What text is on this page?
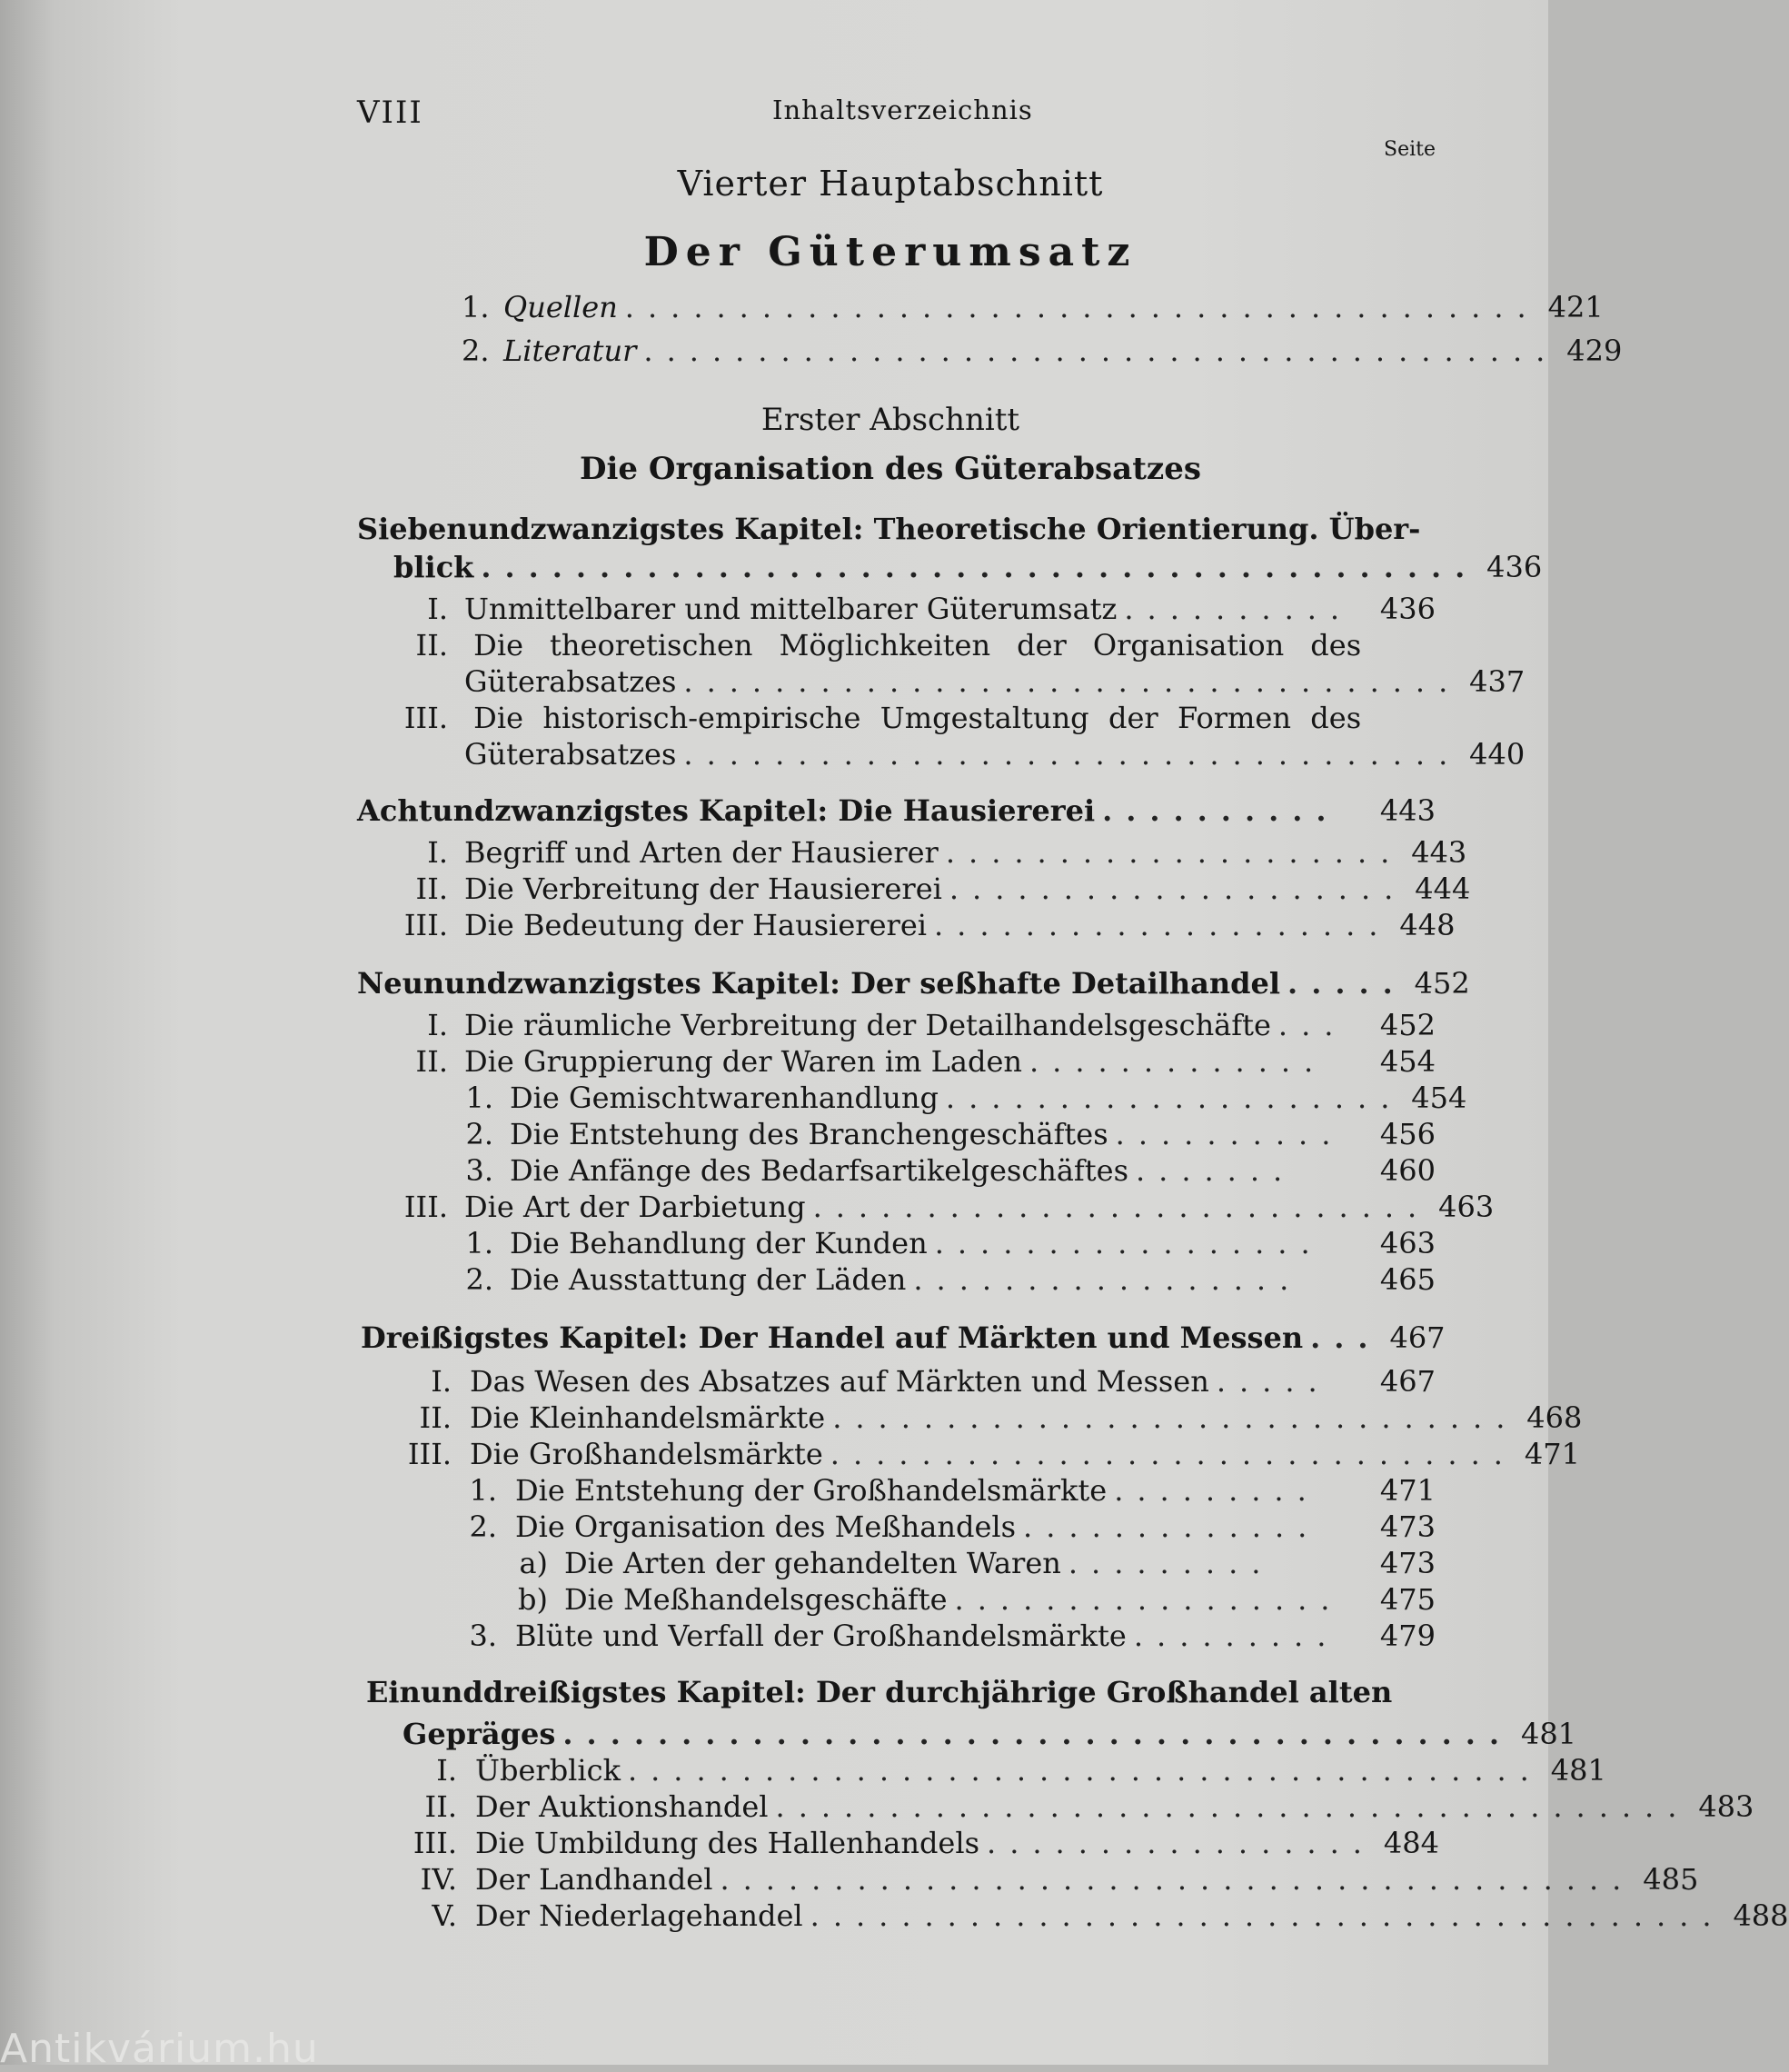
VIII	Inhaltsverzeichnis
Seite
Vierter Hauptabschnitt
Der Güterumsatz
1. Quellen ........................................ 421
2. Literatur ........................................ 429
Erster Abschnitt
Die Organisation des Güterabsatzes
Siebenundzwanzigstes Kapitel: Theoretische Orientierung. Über-
blick .......................................... 436
I. Unmittelbarer und mittelbarer Güterumsatz .......... 436
II. Die theoretischen Möglichkeiten der Organisation des
Güterabsatzes .................................. 437
III. Die historisch-empirische Umgestaltung der Formen des
Güterabsatzes .................................. 440
Achtundzwanzigstes Kapitel: Die Hausiererei ..........	443
I. Begriff und Arten der Hausierer .................... 443
II. Die Verbreitung der Hausiererei .................... 444
III. Die Bedeutung der Hausiererei .................... 448
Neunundzwanzigstes Kapitel: Der seßhafte Detailhandel ..... 452
I. Die räumliche Verbreitung der Detailhandelsgeschäfte ...	452
II. Die Gruppierung der Waren im Laden .............	454
1. Die Gemischtwarenhandlung .................... 454
2. Die Entstehung des Branchengeschäftes ..........	456
3. Die Anfänge des Bedarfsartikelgeschäftes .......	460
III. Die Art der Darbietung ........................... 463
1. Die Behandlung der Kunden .................	463
2. Die Ausstattung der Läden .................	465
Dreißigstes Kapitel: Der Handel auf Märkten und Messen ... 467
I. Das Wesen des Absatzes auf Märkten und Messen .....	467
II. Die Kleinhandelsmärkte .............................. 468
III. Die Großhandelsmärkte .............................. 471
1. Die Entstehung der Großhandelsmärkte .........	471
2. Die Organisation des Meßhandels .............	473
a) Die Arten der gehandelten Waren .........	473
b) Die Meßhandelsgeschäfte .................	475
3. Blüte und Verfall der Großhandelsmärkte .........	479
Einunddreißigstes Kapitel: Der durchjährige Großhandel alten
Gepräges ........................................ 481
I. Überblick ........................................ 481
II. Der Auktionshandel ........................................ 483
III. Die Umbildung des Hallenhandels ................. 484
IV. Der Landhandel ........................................ 485
V. Der Niederlagehandel ........................................ 488
Antikvárium.hu
